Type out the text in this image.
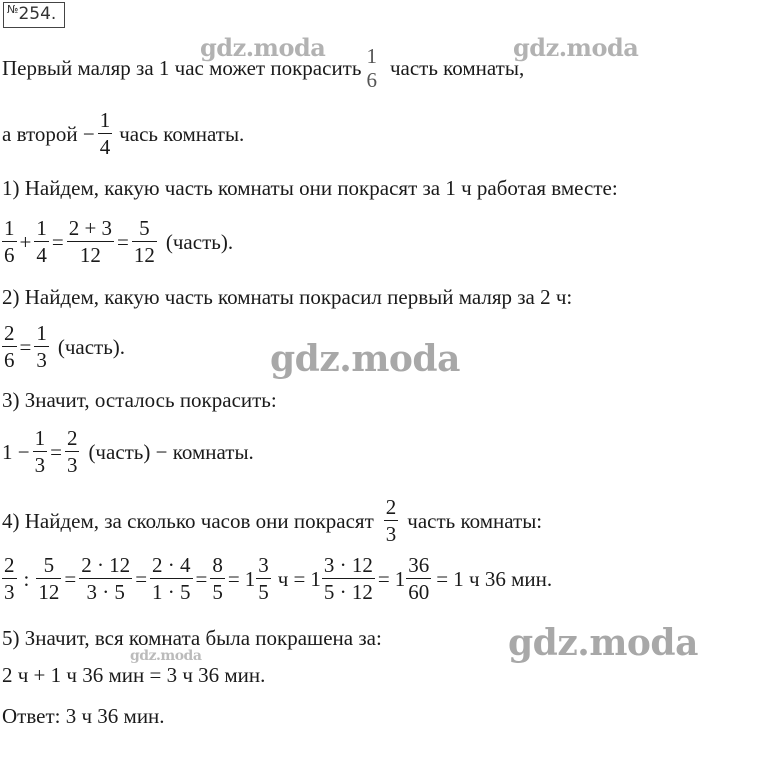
№254.
gdz.moda	gdz.moda
gdz.moda
gdz.moda
gdz.moda
Первый маляр за 1 час может покрасить 1
6 часть комнаты,
а второй −
1
4
чась комнаты.
1) Найдем, какую часть комнаты они покрасят за 1 ч работая вместе:
1
6
+
1
4
=
2 + 3
12
=
5
12
(часть).
2) Найдем, какую часть комнаты покрасил первый маляр за 2 ч:
2
6
=
1
3
(часть).
3) Значит, осталось покрасить:
1 −
1
3
=
2
3
(часть) − комнаты.
4) Найдем, за сколько часов они покрасят
2
3
часть комнаты:
2
3
:
5
12
=
2 · 12
3 · 5
=
2 · 4
1 · 5
=
8
5
= 1
3
5
ч = 1
3 · 12
5 · 12
= 1
36
60
= 1 ч 36 мин.
5) Значит, вся комната была покрашена за:
2 ч + 1 ч 36 мин = 3 ч 36 мин.
Ответ: 3 ч 36 мин.
